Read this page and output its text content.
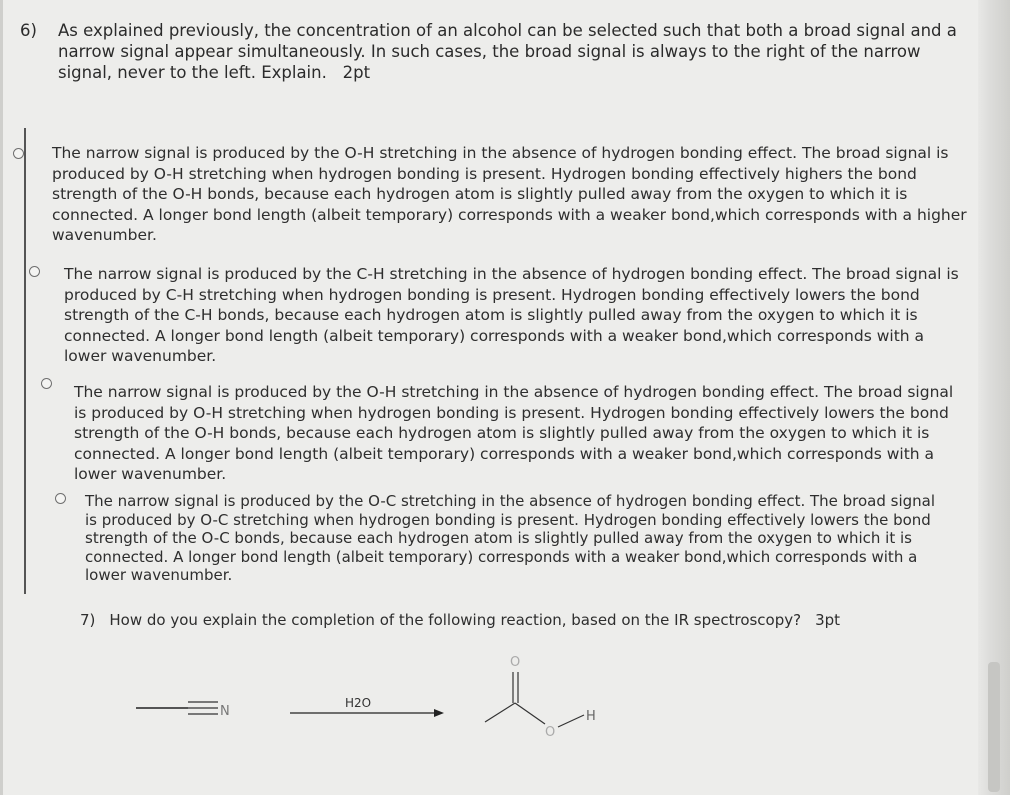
6) As explained previously, the concentration of an alcohol can be selected such that both a broad signal and a narrow signal appear simultaneously. In such cases, the broad signal is always to the right of the narrow signal, never to the left. Explain. 2pt
The narrow signal is produced by the O-H stretching in the absence of hydrogen bonding effect. The broad signal is produced by O-H stretching when hydrogen bonding is present. Hydrogen bonding effectively highers the bond strength of the O-H bonds, because each hydrogen atom is slightly pulled away from the oxygen to which it is connected. A longer bond length (albeit temporary) corresponds with a weaker bond,which corresponds with a higher wavenumber.
The narrow signal is produced by the C-H stretching in the absence of hydrogen bonding effect. The broad signal is produced by C-H stretching when hydrogen bonding is present. Hydrogen bonding effectively lowers the bond strength of the C-H bonds, because each hydrogen atom is slightly pulled away from the oxygen to which it is connected. A longer bond length (albeit temporary) corresponds with a weaker bond,which corresponds with a lower wavenumber.
The narrow signal is produced by the O-H stretching in the absence of hydrogen bonding effect. The broad signal is produced by O-H stretching when hydrogen bonding is present. Hydrogen bonding effectively lowers the bond strength of the O-H bonds, because each hydrogen atom is slightly pulled away from the oxygen to which it is connected. A longer bond length (albeit temporary) corresponds with a weaker bond,which corresponds with a lower wavenumber.
The narrow signal is produced by the O-C stretching in the absence of hydrogen bonding effect. The broad signal is produced by O-C stretching when hydrogen bonding is present. Hydrogen bonding effectively lowers the bond strength of the O-C bonds, because each hydrogen atom is slightly pulled away from the oxygen to which it is connected. A longer bond length (albeit temporary) corresponds with a weaker bond,which corresponds with a lower wavenumber.
7) How do you explain the completion of the following reaction, based on the IR spectroscopy? 3pt
N
H2O
O
O
H
